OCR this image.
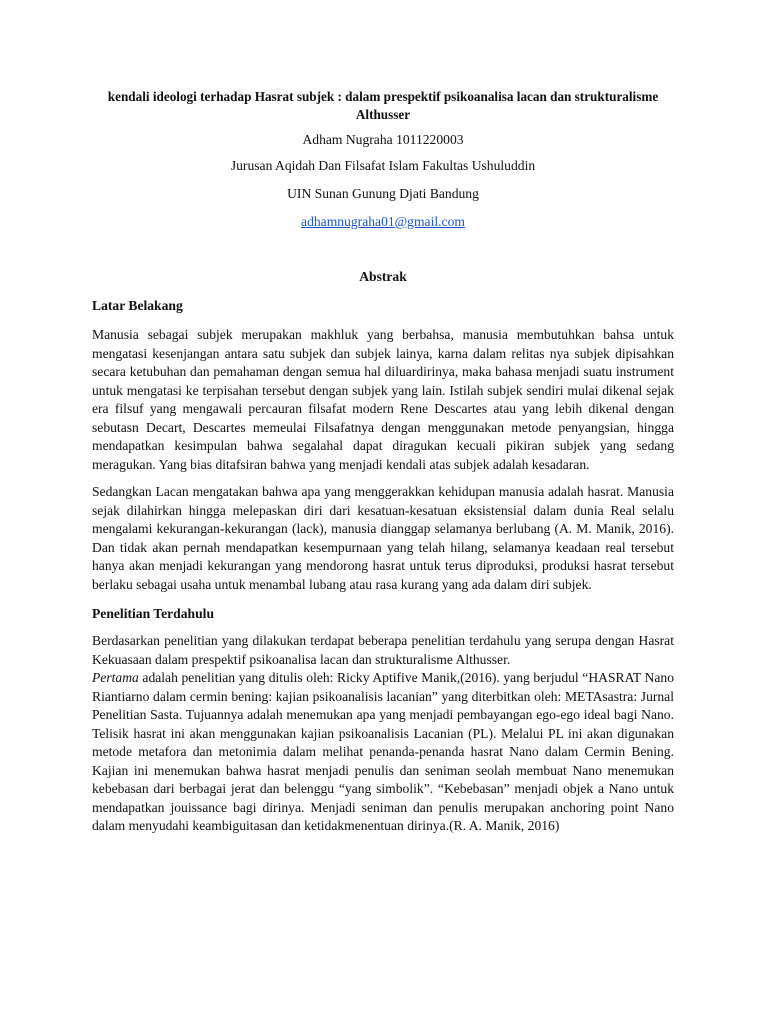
kendali ideologi terhadap Hasrat subjek : dalam prespektif psikoanalisa lacan dan strukturalisme Althusser

Adham Nugraha 1011220003

Jurusan Aqidah Dan Filsafat Islam Fakultas Ushuluddin

UIN Sunan Gunung Djati Bandung

adhamnugraha01@gmail.com

Abstrak
Latar Belakang

Manusia sebagai subjek merupakan makhluk yang berbahsa, manusia membutuhkan bahsa untuk mengatasi kesenjangan antara satu subjek dan subjek lainya, karna dalam relitas nya subjek dipisahkan secara ketubuhan dan pemahaman dengan semua hal diluardirinya, maka bahasa menjadi suatu instrument untuk mengatasi ke terpisahan tersebut dengan subjek yang lain. Istilah subjek sendiri mulai dikenal sejak era filsuf yang mengawali percauran filsafat modern Rene Descartes atau yang lebih dikenal dengan sebutasn Decart, Descartes memeulai Filsafatnya dengan menggunakan metode penyangsian, hingga mendapatkan kesimpulan bahwa segalahal dapat diragukan kecuali pikiran subjek yang sedang meragukan. Yang bias ditafsiran bahwa yang menjadi kendali atas subjek adalah kesadaran.

Sedangkan Lacan mengatakan bahwa apa yang menggerakkan kehidupan manusia adalah hasrat. Manusia sejak dilahirkan hingga melepaskan diri dari kesatuan-kesatuan eksistensial dalam dunia Real selalu mengalami kekurangan-kekurangan (lack), manusia dianggap selamanya berlubang (A. M. Manik, 2016). Dan tidak akan pernah mendapatkan kesempurnaan yang telah hilang, selamanya keadaan real tersebut hanya akan menjadi kekurangan yang mendorong hasrat untuk terus diproduksi, produksi hasrat tersebut berlaku sebagai usaha untuk menambal lubang atau rasa kurang yang ada dalam diri subjek.

Penelitian Terdahulu

Berdasarkan penelitian yang dilakukan terdapat beberapa penelitian terdahulu yang serupa dengan Hasrat Kekuasaan dalam prespektif psikoanalisa lacan dan strukturalisme Althusser.
Pertama adalah penelitian yang ditulis oleh: Ricky Aptifive Manik,(2016). yang berjudul “HASRAT Nano Riantiarno dalam cermin bening: kajian psikoanalisis lacanian” yang diterbitkan oleh: METAsastra: Jurnal Penelitian Sasta. Tujuannya adalah menemukan apa yang menjadi pembayangan ego-ego ideal bagi Nano. Telisik hasrat ini akan menggunakan kajian psikoanalisis Lacanian (PL). Melalui PL ini akan digunakan metode metafora dan metonimia dalam melihat penanda-penanda hasrat Nano dalam Cermin Bening. Kajian ini menemukan bahwa hasrat menjadi penulis dan seniman seolah membuat Nano menemukan kebebasan dari berbagai jerat dan belenggu “yang simbolik”. “Kebebasan” menjadi objek a Nano untuk mendapatkan jouissance bagi dirinya. Menjadi seniman dan penulis merupakan anchoring point Nano dalam menyudahi keambiguitasan dan ketidakmenentuan dirinya.(R. A. Manik, 2016)
